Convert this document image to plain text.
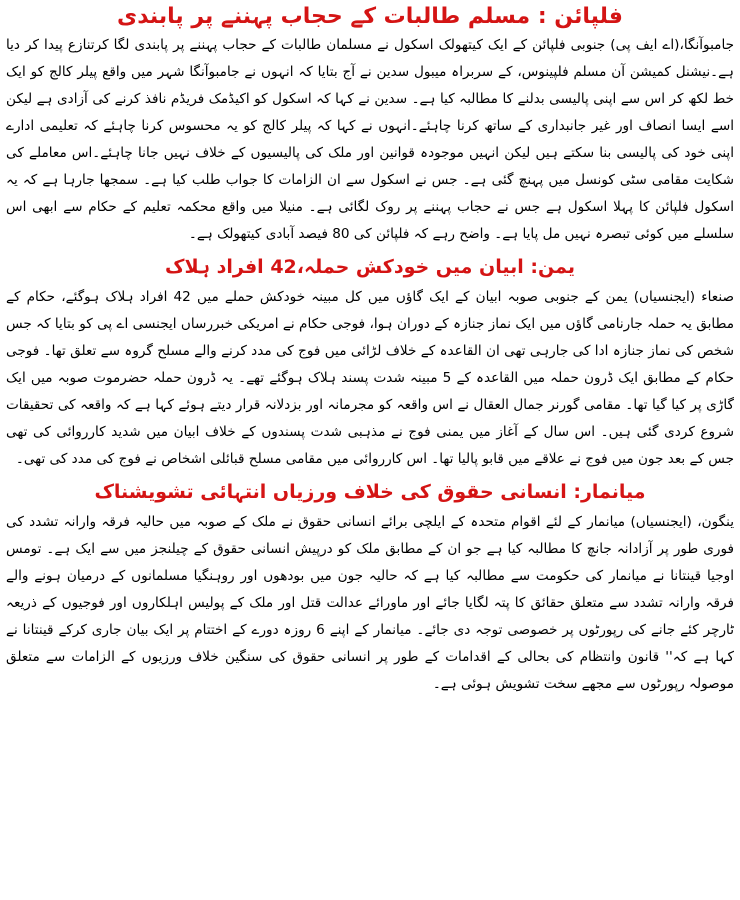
فلپائن : مسلم طالبات کے حجاب پہننے پر پابندی

جامبوآنگا،(اے ایف پی) جنوبی فلپائن کے ایک کیتھولک اسکول نے مسلمان طالبات کے حجاب پہننے پر پابندی لگا کرتنازع پیدا کر دیا ہے۔نیشنل کمیشن آن مسلم فلپینوس، کے سربراہ میبول سدین نے آج بتایا کہ انہوں نے جامبوآنگا شہر میں واقع پیلر کالج کو ایک خط لکھ کر اس سے اپنی پالیسی بدلنے کا مطالبہ کیا ہے۔ سدین نے کہا کہ اسکول کو اکیڈمک فریڈم نافذ کرنے کی آزادی ہے لیکن اسے ایسا انصاف اور غیر جانبداری کے ساتھ کرنا چاہئے۔انہوں نے کہا کہ پیلر کالج کو یہ محسوس کرنا چاہئے کہ تعلیمی ادارے اپنی خود کی پالیسی بنا سکتے ہیں لیکن انہیں موجودہ قوانین اور ملک کی پالیسیوں کے خلاف نہیں جانا چاہئے۔اس معاملے کی شکایت مقامی سٹی کونسل میں پہنچ گئی ہے۔ جس نے اسکول سے ان الزامات کا جواب طلب کیا ہے۔ سمجھا جارہا ہے کہ یہ اسکول فلپائن کا پہلا اسکول ہے جس نے حجاب پہننے پر روک لگائی ہے۔ منیلا میں واقع محکمہ تعلیم کے حکام سے ابھی اس سلسلے میں کوئی تبصرہ نہیں مل پایا ہے۔ واضح رہے کہ فلپائن کی 80 فیصد آبادی کیتھولک ہے۔

یمن: ابیان میں خودکش حملہ،42 افراد ہلاک

صنعاء (ایجنسیاں) یمن کے جنوبی صوبہ ابیان کے ایک گاؤں میں کل مبینہ خودکش حملے میں 42 افراد ہلاک ہوگئے، حکام کے مطابق یہ حملہ جارنامی گاؤں میں ایک نماز جنازہ کے دوران ہوا، فوجی حکام نے امریکی خبررساں ایجنسی اے پی کو بتایا کہ جس شخص کی نماز جنازہ ادا کی جارہی تھی ان القاعدہ کے خلاف لڑائی میں فوج کی مدد کرنے والے مسلح گروہ سے تعلق تھا۔ فوجی حکام کے مطابق ایک ڈرون حملہ میں القاعدہ کے 5 مبینہ شدت پسند ہلاک ہوگئے تھے۔ یہ ڈرون حملہ حضرموت صوبہ میں ایک گاڑی پر کیا گیا تھا۔ مقامی گورنر جمال العقال نے اس واقعہ کو مجرمانہ اور بزدلانہ قرار دیتے ہوئے کہا ہے کہ واقعہ کی تحقیقات شروع کردی گئی ہیں۔ اس سال کے آغاز میں یمنی فوج نے مذہبی شدت پسندوں کے خلاف ابیان میں شدید کارروائی کی تھی جس کے بعد جون میں فوج نے علاقے میں قابو پالیا تھا۔ اس کارروائی میں مقامی مسلح قبائلی اشخاص نے فوج کی مدد کی تھی۔

میانمار: انسانی حقوق کی خلاف ورزیاں انتہائی تشویشناک

ینگون، (ایجنسیاں) میانمار کے لئے اقوام متحدہ کے ایلچی برائے انسانی حقوق نے ملک کے صوبہ میں حالیہ فرقہ وارانہ تشدد کی فوری طور پر آزادانہ جانچ کا مطالبہ کیا ہے جو ان کے مطابق ملک کو درپیش انسانی حقوق کے چیلنجز میں سے ایک ہے۔ تومس اوجیا قینتانا نے میانمار کی حکومت سے مطالبہ کیا ہے کہ حالیہ جون میں بودھوں اور روہنگیا مسلمانوں کے درمیان ہونے والے فرقہ وارانہ تشدد سے متعلق حقائق کا پتہ لگایا جائے اور ماورائے عدالت قتل اور ملک کے پولیس اہلکاروں اور فوجیوں کے ذریعہ ٹارچر کئے جانے کی رپورٹوں پر خصوصی توجہ دی جائے۔ میانمار کے اپنے 6 روزہ دورے کے اختتام پر ایک بیان جاری کرکے قینتانا نے کہا ہے کہ'' قانون وانتظام کی بحالی کے اقدامات کے طور پر انسانی حقوق کی سنگین خلاف ورزیوں کے الزامات سے متعلق موصولہ رپورٹوں سے مجھے سخت تشویش ہوئی ہے۔
